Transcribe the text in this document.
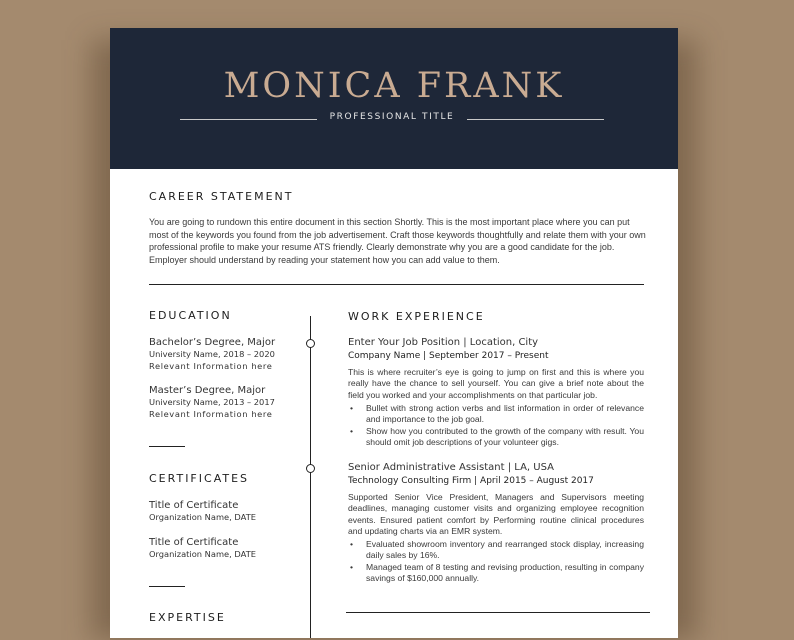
MONICA FRANK
PROFESSIONAL TITLE
CAREER STATEMENT

You are going to rundown this entire document in this section Shortly. This is the most important place where you can put most of the keywords you found from the job advertisement. Craft those keywords thoughtfully and relate them with your own professional profile to make your resume ATS friendly. Clearly demonstrate why you are a good candidate for the job. Employer should understand by reading your statement how you can add value to them.

EDUCATION
Bachelor’s Degree, Major
University Name, 2018 – 2020
Relevant Information here
Master’s Degree, Major
University Name, 2013 – 2017
Relevant Information here
CERTIFICATES
Title of Certificate
Organization Name, DATE
Title of Certificate
Organization Name, DATE
EXPERTISE
WORK EXPERIENCE
Enter Your Job Position | Location, City
Company Name | September 2017 – Present

This is where recruiter’s eye is going to jump on first and this is where you really have the chance to sell yourself. You can give a brief note about the field you worked and your accomplishments on that particular job.

• Bullet with strong action verbs and list information in order of relevance and importance to the job goal.
• Show how you contributed to the growth of the company with result. You should omit job descriptions of your volunteer gigs.
Senior Administrative Assistant | LA, USA
Technology Consulting Firm | April 2015 – August 2017

Supported Senior Vice President, Managers and Supervisors meeting deadlines, managing customer visits and organizing employee recognition events. Ensured patient comfort by Performing routine clinical procedures and updating charts via an EMR system.

• Evaluated showroom inventory and rearranged stock display, increasing daily sales by 16%.
• Managed team of 8 testing and revising production, resulting in company savings of $160,000 annually.
